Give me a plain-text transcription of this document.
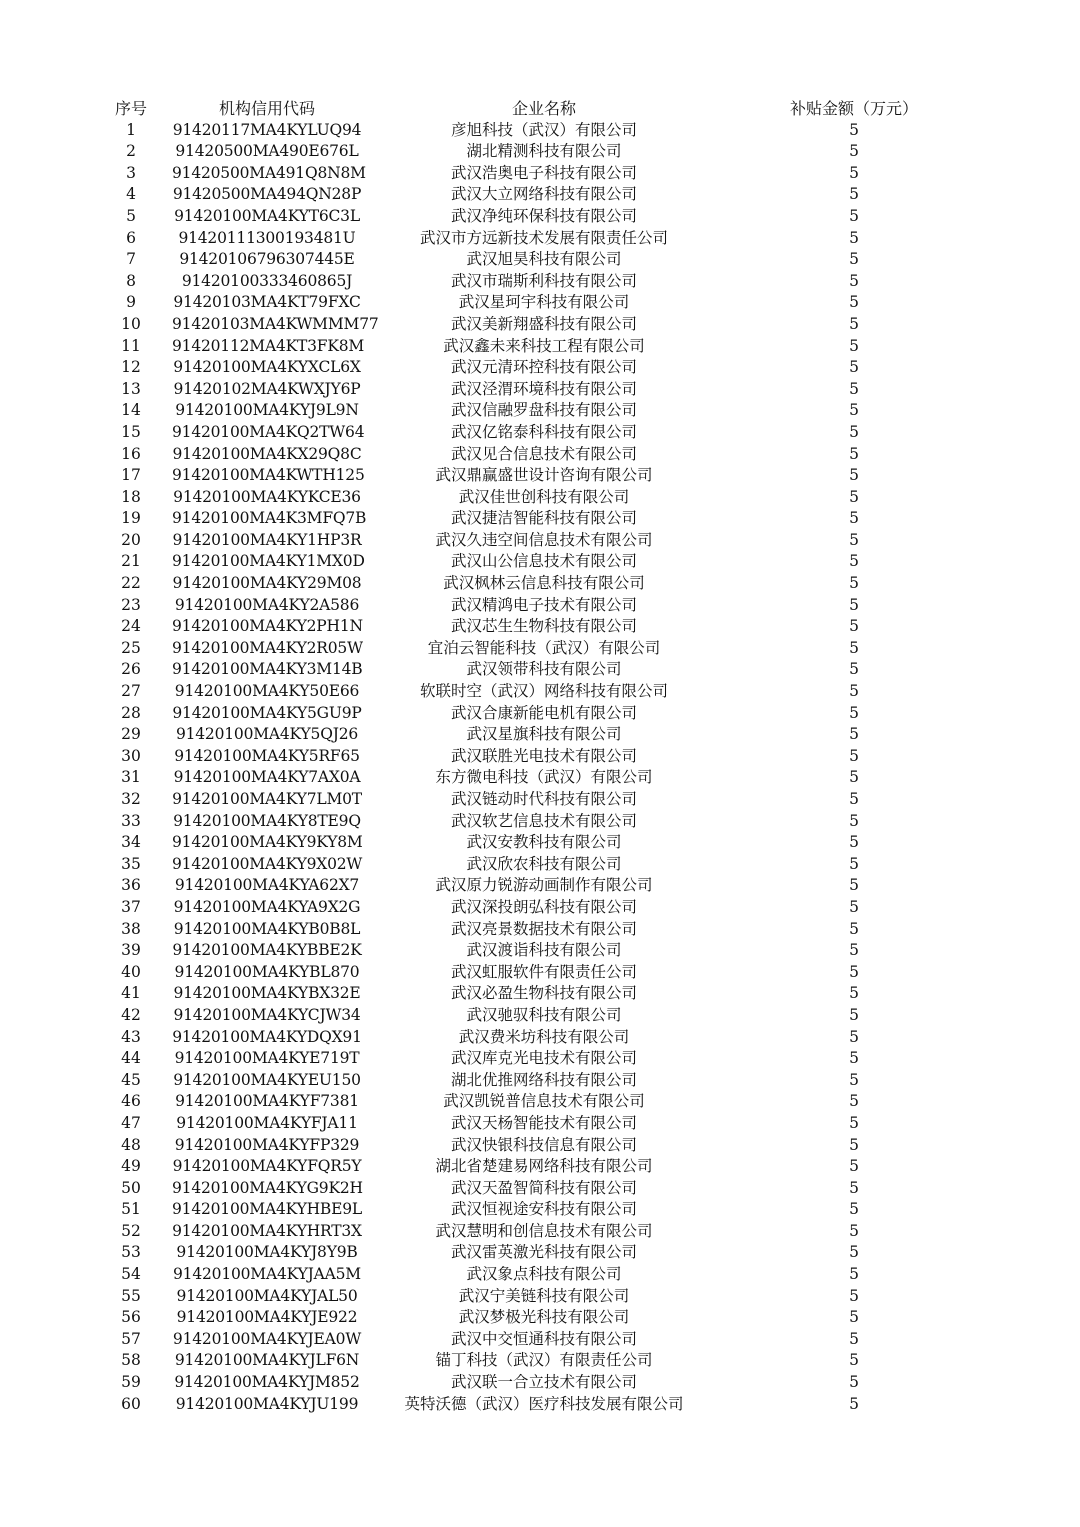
序号	机构信用代码	企业名称	补贴金额（万元）
1	91420117MA4KYLUQ94	彦旭科技（武汉）有限公司	5
2	91420500MA490E676L	湖北精测科技有限公司	5
3	91420500MA491Q8N8M	武汉浩奥电子科技有限公司	5
4	91420500MA494QN28P	武汉大立网络科技有限公司	5
5	91420100MA4KYT6C3L	武汉净纯环保科技有限公司	5
6	91420111300193481U	武汉市方远新技术发展有限责任公司	5
7	91420106796307445E	武汉旭昊科技有限公司	5
8	91420100333460865J	武汉市瑞斯利科技有限公司	5
9	91420103MA4KT79FXC	武汉星珂宇科技有限公司	5
10	91420103MA4KWMMM77	武汉美新翔盛科技有限公司	5
11	91420112MA4KT3FK8M	武汉鑫未来科技工程有限公司	5
12	91420100MA4KYXCL6X	武汉元清环控科技有限公司	5
13	91420102MA4KWXJY6P	武汉泾渭环境科技有限公司	5
14	91420100MA4KYJ9L9N	武汉信融罗盘科技有限公司	5
15	91420100MA4KQ2TW64	武汉亿铭泰科科技有限公司	5
16	91420100MA4KX29Q8C	武汉见合信息技术有限公司	5
17	91420100MA4KWTH125	武汉鼎赢盛世设计咨询有限公司	5
18	91420100MA4KYKCE36	武汉佳世创科技有限公司	5
19	91420100MA4K3MFQ7B	武汉捷洁智能科技有限公司	5
20	91420100MA4KY1HP3R	武汉久违空间信息技术有限公司	5
21	91420100MA4KY1MX0D	武汉山公信息技术有限公司	5
22	91420100MA4KY29M08	武汉枫林云信息科技有限公司	5
23	91420100MA4KY2A586	武汉精鸿电子技术有限公司	5
24	91420100MA4KY2PH1N	武汉芯生生物科技有限公司	5
25	91420100MA4KY2R05W	宜泊云智能科技（武汉）有限公司	5
26	91420100MA4KY3M14B	武汉领带科技有限公司	5
27	91420100MA4KY50E66	软联时空（武汉）网络科技有限公司	5
28	91420100MA4KY5GU9P	武汉合康新能电机有限公司	5
29	91420100MA4KY5QJ26	武汉星旗科技有限公司	5
30	91420100MA4KY5RF65	武汉联胜光电技术有限公司	5
31	91420100MA4KY7AX0A	东方微电科技（武汉）有限公司	5
32	91420100MA4KY7LM0T	武汉链动时代科技有限公司	5
33	91420100MA4KY8TE9Q	武汉软艺信息技术有限公司	5
34	91420100MA4KY9KY8M	武汉安教科技有限公司	5
35	91420100MA4KY9X02W	武汉欣农科技有限公司	5
36	91420100MA4KYA62X7	武汉原力锐游动画制作有限公司	5
37	91420100MA4KYA9X2G	武汉深投朗弘科技有限公司	5
38	91420100MA4KYB0B8L	武汉亮景数据技术有限公司	5
39	91420100MA4KYBBE2K	武汉渡诣科技有限公司	5
40	91420100MA4KYBL870	武汉虹服软件有限责任公司	5
41	91420100MA4KYBX32E	武汉必盈生物科技有限公司	5
42	91420100MA4KYCJW34	武汉驰驭科技有限公司	5
43	91420100MA4KYDQX91	武汉费米坊科技有限公司	5
44	91420100MA4KYE719T	武汉库克光电技术有限公司	5
45	91420100MA4KYEU150	湖北优推网络科技有限公司	5
46	91420100MA4KYF7381	武汉凯锐普信息技术有限公司	5
47	91420100MA4KYFJA11	武汉天杨智能技术有限公司	5
48	91420100MA4KYFP329	武汉快银科技信息有限公司	5
49	91420100MA4KYFQR5Y	湖北省楚建易网络科技有限公司	5
50	91420100MA4KYG9K2H	武汉天盈智简科技有限公司	5
51	91420100MA4KYHBE9L	武汉恒视途安科技有限公司	5
52	91420100MA4KYHRT3X	武汉慧明和创信息技术有限公司	5
53	91420100MA4KYJ8Y9B	武汉雷英激光科技有限公司	5
54	91420100MA4KYJAA5M	武汉象点科技有限公司	5
55	91420100MA4KYJAL50	武汉宁美链科技有限公司	5
56	91420100MA4KYJE922	武汉梦极光科技有限公司	5
57	91420100MA4KYJEA0W	武汉中交恒通科技有限公司	5
58	91420100MA4KYJLF6N	锚丁科技（武汉）有限责任公司	5
59	91420100MA4KYJM852	武汉联一合立技术有限公司	5
60	91420100MA4KYJU199	英特沃德（武汉）医疗科技发展有限公司	5
